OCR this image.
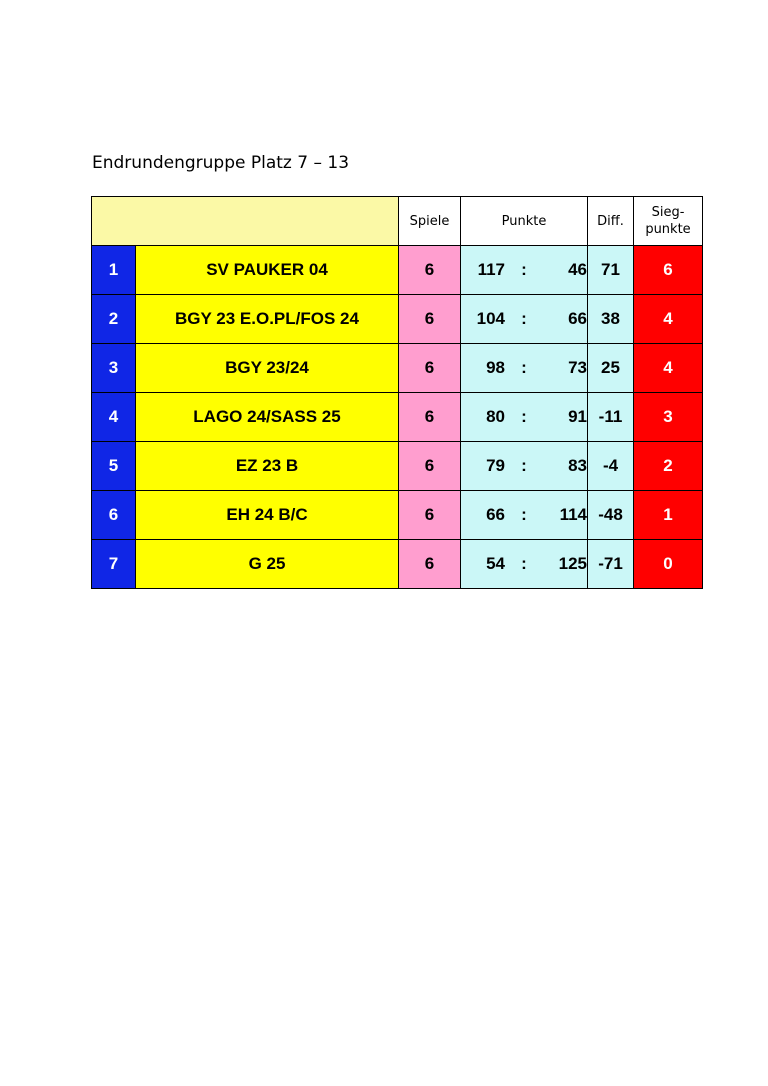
Endrundengruppe Platz 7 – 13
		Spiele	Punkte	Diff.	Sieg-
punkte
1	SV PAUKER 04	6	117 : 46	71	6
2	BGY 23 E.O.PL/FOS 24	6	104 : 66	38	4
3	BGY 23/24	6	98 : 73	25	4
4	LAGO 24/SASS 25	6	80 : 91	-11	3
5	EZ 23 B	6	79 : 83	-4	2
6	EH 24 B/C	6	66 : 114	-48	1
7	G 25	6	54 : 125	-71	0
